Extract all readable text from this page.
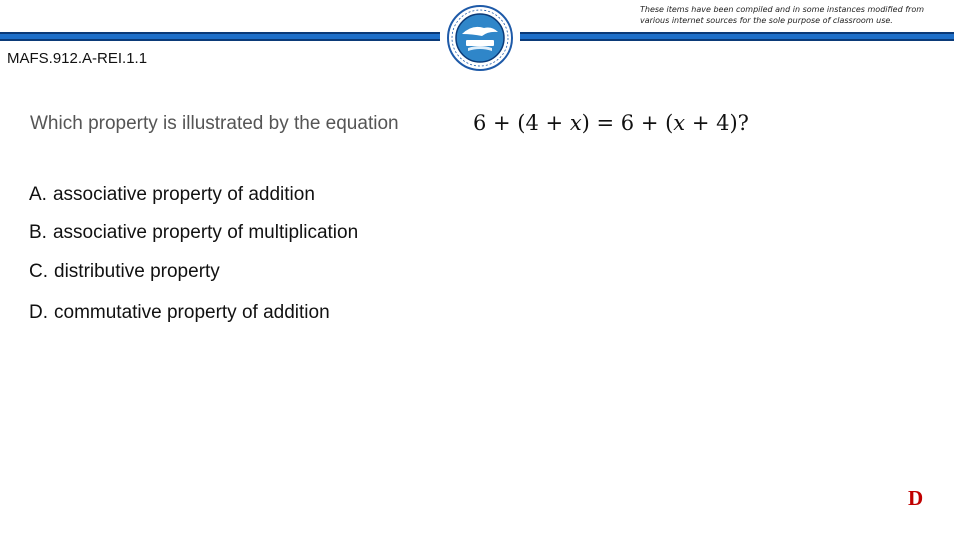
These items have been compiled and in some instances modified from various internet sources for the sole purpose of classroom use.
MAFS.912.A-REI.1.1
Which property is illustrated by the equation	6 + (4 + x) = 6 + (x + 4)?
A. associative property of addition
B. associative property of multiplication
C. distributive property
D. commutative property of addition
D
